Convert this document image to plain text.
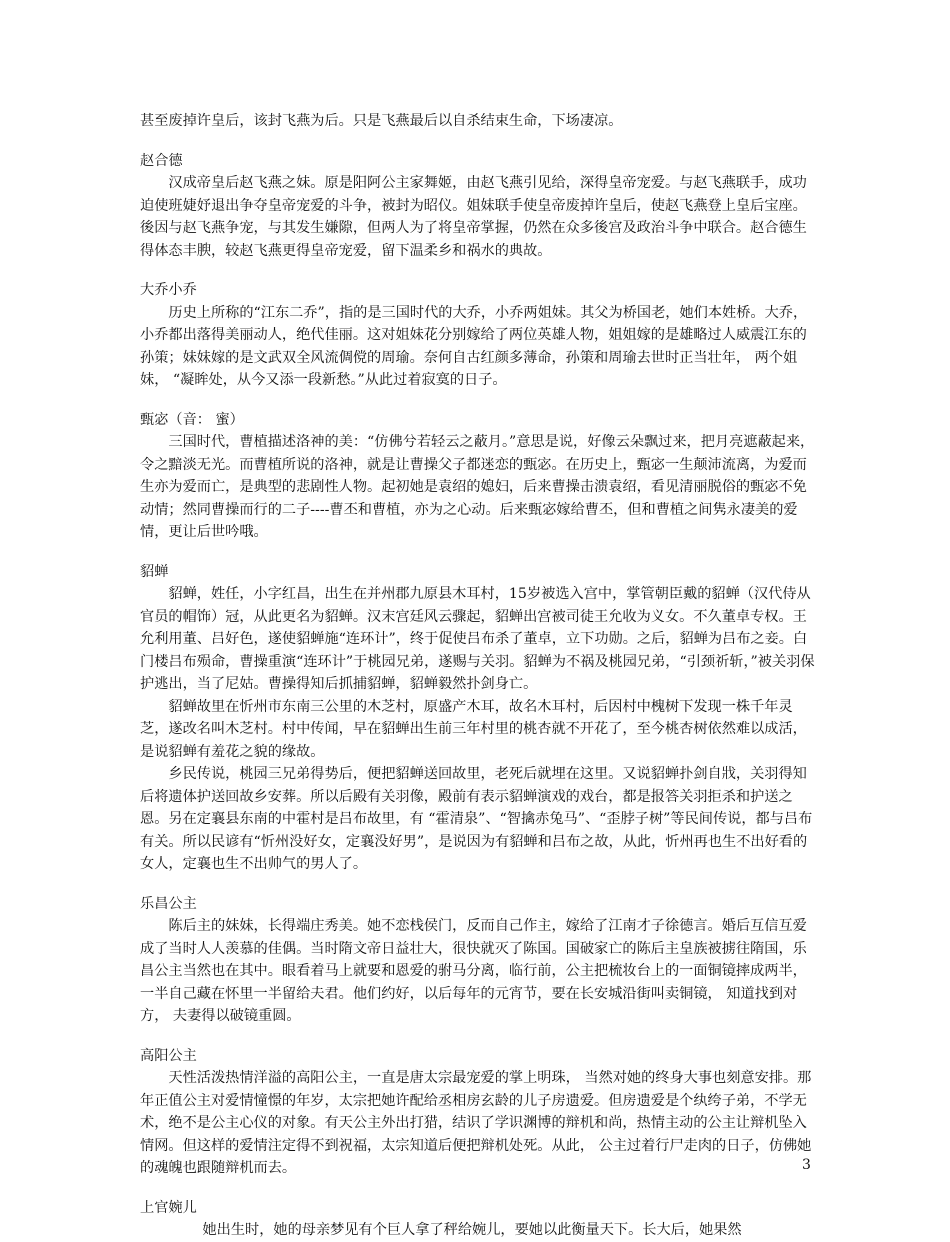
甚至废掉许皇后，该封飞燕为后。只是飞燕最后以自杀结束生命，下场凄凉。

赵合德

汉成帝皇后赵飞燕之妹。原是阳阿公主家舞姬，由赵飞燕引见给，深得皇帝宠爱。与赵飞燕联手，成功迫使班婕妤退出争夺皇帝宠爱的斗争，被封为昭仪。姐妹联手使皇帝废掉许皇后，使赵飞燕登上皇后宝座。後因与赵飞燕争宠，与其发生嫌隙，但两人为了将皇帝掌握，仍然在众多後宫及政治斗争中联合。赵合德生得体态丰腴，较赵飞燕更得皇帝宠爱，留下温柔乡和祸水的典故。

大乔小乔

历史上所称的“江东二乔”，指的是三国时代的大乔，小乔两姐妹。其父为桥国老，她们本姓桥。大乔，小乔都出落得美丽动人，绝代佳丽。这对姐妹花分别嫁给了两位英雄人物，姐姐嫁的是雄略过人威震江东的孙策；妹妹嫁的是文武双全风流倜傥的周瑜。奈何自古红颜多薄命，孙策和周瑜去世时正当壮年， 两个姐妹， “凝眸处，从今又添一段新愁。”从此过着寂寞的日子。

甄宓（音： 蜜）

三国时代，曹植描述洛神的美：“仿佛兮若轻云之蔽月。”意思是说，好像云朵飘过来，把月亮遮蔽起来，令之黯淡无光。而曹植所说的洛神，就是让曹操父子都迷恋的甄宓。在历史上，甄宓一生颠沛流离，为爱而生亦为爱而亡，是典型的悲剧性人物。起初她是袁绍的媳妇，后来曹操击溃袁绍，看见清丽脱俗的甄宓不免动情；然同曹操而行的二子----曹丕和曹植，亦为之心动。后来甄宓嫁给曹丕，但和曹植之间隽永凄美的爱情，更让后世吟哦。

貂蝉

貂蝉，姓任，小字红昌，出生在并州郡九原县木耳村，15岁被选入宫中，掌管朝臣戴的貂蝉（汉代侍从官员的帽饰）冠，从此更名为貂蝉。汉末宫廷风云骤起，貂蝉出宫被司徒王允收为义女。不久董卓专权。王允利用董、吕好色，遂使貂蝉施“连环计”，终于促使吕布杀了董卓，立下功勋。之后，貂蝉为吕布之妾。白门楼吕布殒命，曹操重演“连环计”于桃园兄弟，遂赐与关羽。貂蝉为不祸及桃园兄弟，“引颈祈斩，”被关羽保护逃出，当了尼姑。曹操得知后抓捕貂蝉，貂蝉毅然扑剑身亡。

貂蝉故里在忻州市东南三公里的木芝村，原盛产木耳，故名木耳村，后因村中槐树下发现一株千年灵芝，遂改名叫木芝村。村中传闻，早在貂蝉出生前三年村里的桃杏就不开花了，至今桃杏树依然难以成活，是说貂蝉有羞花之貌的缘故。

乡民传说，桃园三兄弟得势后，便把貂蝉送回故里，老死后就埋在这里。又说貂蝉扑剑自戕，关羽得知后将遗体护送回故乡安葬。所以后殿有关羽像，殿前有表示貂蝉演戏的戏台，都是报答关羽拒杀和护送之恩。另在定襄县东南的中霍村是吕布故里，有 “霍清泉”、“智擒赤兔马”、“歪脖子树”等民间传说，都与吕布有关。所以民谚有“忻州没好女，定襄没好男”，是说因为有貂蝉和吕布之故，从此，忻州再也生不出好看的女人，定襄也生不出帅气的男人了。

乐昌公主

陈后主的妹妹，长得端庄秀美。她不恋栈侯门，反而自己作主，嫁给了江南才子徐德言。婚后互信互爱成了当时人人羡慕的佳偶。当时隋文帝日益壮大，很快就灭了陈国。国破家亡的陈后主皇族被掳往隋国，乐昌公主当然也在其中。眼看着马上就要和恩爱的驸马分离，临行前，公主把梳妆台上的一面铜镜摔成两半，一半自己藏在怀里一半留给夫君。他们约好，以后每年的元宵节，要在长安城沿街叫卖铜镜， 知道找到对方， 夫妻得以破镜重圆。

高阳公主

天性活泼热情洋溢的高阳公主，一直是唐太宗最宠爱的掌上明珠， 当然对她的终身大事也刻意安排。那年正值公主对爱情憧憬的年岁，太宗把她许配给丞相房玄龄的儿子房遗爱。但房遗爱是个纨绔子弟，不学无术，绝不是公主心仪的对象。有天公主外出打猎，结识了学识渊博的辩机和尚，热情主动的公主让辩机坠入情网。但这样的爱情注定得不到祝福，太宗知道后便把辩机处死。从此， 公主过着行尸走肉的日子，仿佛她的魂魄也跟随辩机而去。

上官婉儿

她出生时，她的母亲梦见有个巨人拿了秤给婉儿，要她以此衡量天下。长大后，她果然

3
